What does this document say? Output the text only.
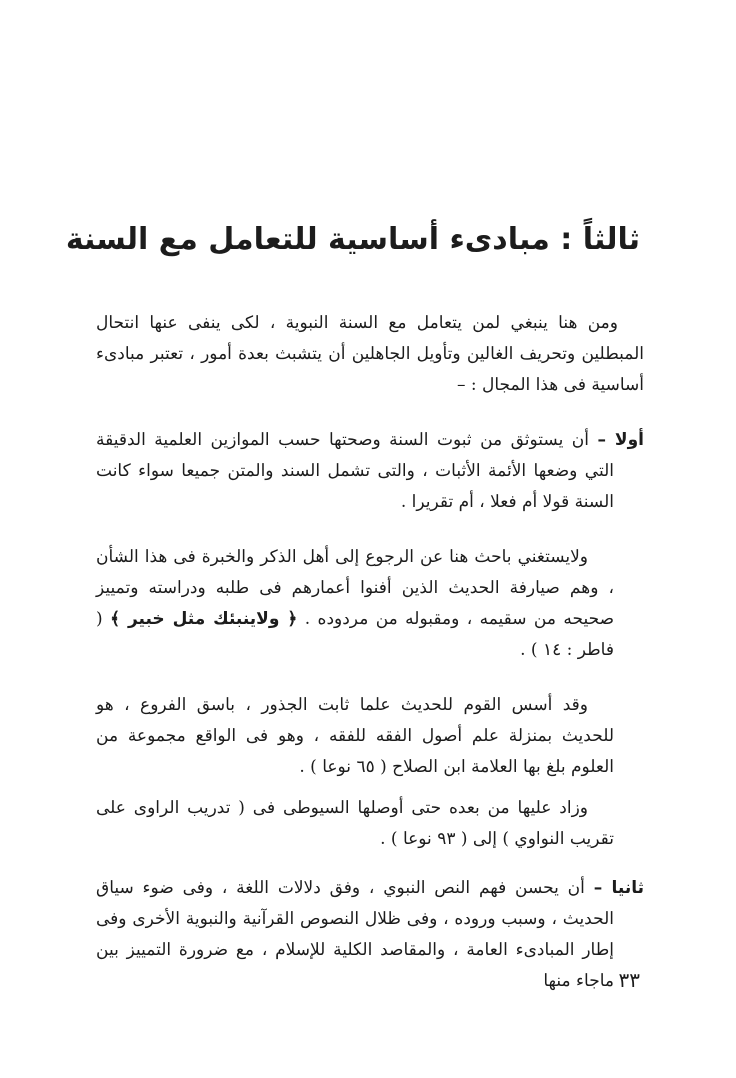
ثالثاً : مبادىء أساسية للتعامل مع السنة

ومن هنا ينبغي لمن يتعامل مع السنة النبوية ، لكى ينفى عنها انتحال المبطلين وتحريف الغالين وتأويل الجاهلين أن يتشبث بعدة أمور ، تعتبر مبادىء أساسية فى هذا المجال : –

أولا – أن يستوثق من ثبوت السنة وصحتها حسب الموازين العلمية الدقيقة التي وضعها الأئمة الأثبات ، والتى تشمل السند والمتن جميعا سواء كانت السنة قولا أم فعلا ، أم تقريرا .

ولايستغني باحث هنا عن الرجوع إلى أهل الذكر والخبرة فى هذا الشأن ، وهم صيارفة الحديث الذين أفنوا أعمارهم فى طلبه ودراسته وتمييز صحيحه من سقيمه ، ومقبوله من مردوده . ﴿ ولاينبئك مثل خبير ﴾ ( فاطر : ١٤ ) .

وقد أسس القوم للحديث علما ثابت الجذور ، باسق الفروع ، هو للحديث بمنزلة علم أصول الفقه للفقه ، وهو فى الواقع مجموعة من العلوم بلغ بها العلامة ابن الصلاح ( ٦٥ نوعا ) .

وزاد عليها من بعده حتى أوصلها السيوطى فى ( تدريب الراوى على تقريب النواوي ) إلى ( ٩٣ نوعا ) .

ثانيا – أن يحسن فهم النص النبوي ، وفق دلالات اللغة ، وفى ضوء سياق الحديث ، وسبب وروده ، وفى ظلال النصوص القرآنية والنبوية الأخرى وفى إطار المبادىء العامة ، والمقاصد الكلية للإسلام ، مع ضرورة التمييز بين ماجاء منها ٣٣
